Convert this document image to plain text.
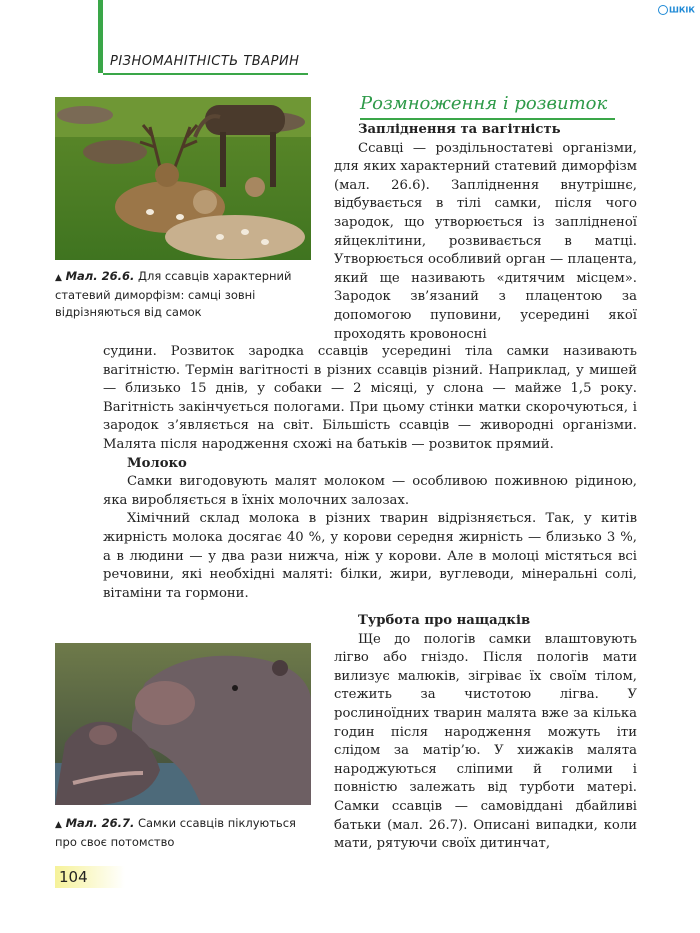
РІЗНОМАНІТНІСТЬ ТВАРИН
ШКІК
▲ Мал. 26.6. Для ссавців характерний статевий диморфізм: самці зовні відрізняються від самок
▲ Мал. 26.7. Самки ссавців піклуються про своє потомство
Розмноження і розвиток

Запліднення та вагітність

Ссавці — роздільностатеві організми, для яких характерний статевий диморфізм (мал. 26.6). Запліднення внутрішнє, відбувається в тілі самки, після чого зародок, що утворюється із заплідненої яйцеклітини, розвивається в матці. Утворюється особливий орган — плацента, який ще називають «дитячим місцем». Зародок зв’язаний з плацентою за допомогою пуповини, усередині якої проходять кровоносні

судини. Розвиток зародка ссавців усередині тіла самки називають вагітністю. Термін вагітності в різних ссавців різний. Наприклад, у мишей — близько 15 днів, у собаки — 2 місяці, у слона — майже 1,5 року. Вагітність закінчується пологами. При цьому стінки матки скорочуються, і зародок з’являється на світ. Більшість ссавців — живородні організми. Малята після народження схожі на батьків — розвиток прямий.

Молоко

Самки вигодовують малят молоком — особливою поживною рідиною, яка виробляється в їхніх молочних залозах.

Хімічний склад молока в різних тварин відрізняється. Так, у китів жирність молока досягає 40 %, у корови середня жирність — близько 3 %, а в людини — у два рази нижча, ніж у корови. Але в молоці містяться всі речовини, які необхідні маляті: білки, жири, вуглеводи, мінеральні солі, вітаміни та гормони.

Турбота про нащадків

Ще до пологів самки влаштовують лігво або гніздо. Після пологів мати вилизує малюків, зігріває їх своїм тілом, стежить за чистотою лігва. У рослиноїдних тварин малята вже за кілька годин після народження можуть іти слідом за матір’ю. У хижаків малята народжуються сліпими й голими і повністю залежать від турботи матері. Самки ссавців — самовіддані дбайливі батьки (мал. 26.7). Описані випадки, коли мати, рятуючи своїх дитинчат,

104
